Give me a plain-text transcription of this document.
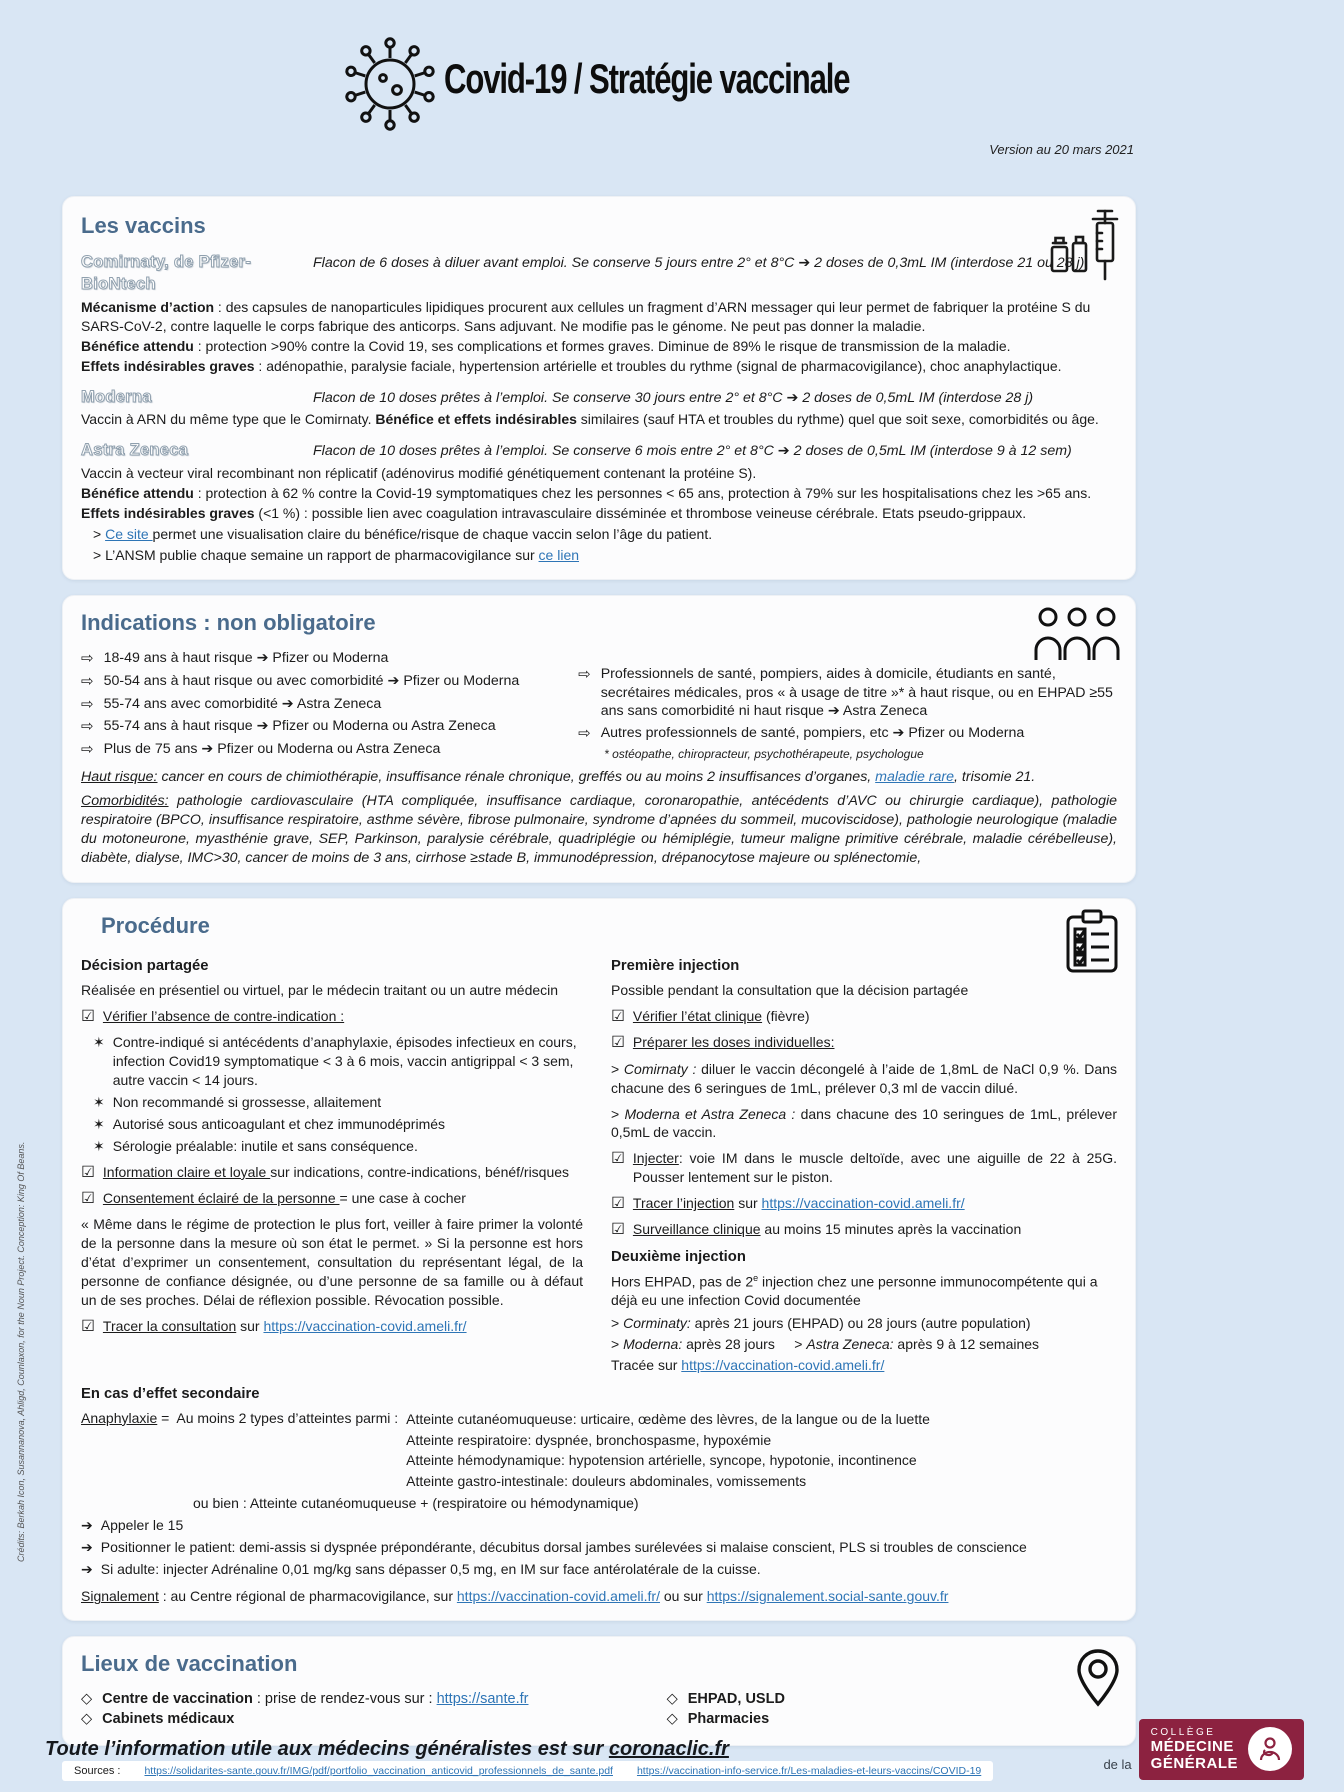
Covid-19 / Stratégie vaccinale
Version au 20 mars 2021
Les vaccins
Comirnaty, de Pfizer-BioNtech
Flacon de 6 doses à diluer avant emploi. Se conserve 5 jours entre 2° et 8°C ➔ 2 doses de 0,3mL IM (interdose 21 ou 28 j)
Mécanisme d’action : des capsules de nanoparticules lipidiques procurent aux cellules un fragment d’ARN messager qui leur permet de fabriquer la protéine S du SARS-CoV-2, contre laquelle le corps fabrique des anticorps. Sans adjuvant. Ne modifie pas le génome. Ne peut pas donner la maladie.
Bénéfice attendu : protection >90% contre la Covid 19, ses complications et formes graves. Diminue de 89% le risque de transmission de la maladie.
Effets indésirables graves : adénopathie, paralysie faciale, hypertension artérielle et troubles du rythme (signal de pharmacovigilance), choc anaphylactique.
Moderna	Flacon de 10 doses prêtes à l’emploi. Se conserve 30 jours entre 2° et 8°C ➔ 2 doses de 0,5mL IM (interdose 28 j)
Vaccin à ARN du même type que le Comirnaty. Bénéfice et effets indésirables similaires (sauf HTA et troubles du rythme) quel que soit sexe, comorbidités ou âge.
Astra Zeneca	Flacon de 10 doses prêtes à l’emploi. Se conserve 6 mois entre 2° et 8°C ➔ 2 doses de 0,5mL IM (interdose 9 à 12 sem)
Vaccin à vecteur viral recombinant non réplicatif (adénovirus modifié génétiquement contenant la protéine S).
Bénéfice attendu : protection à 62 % contre la Covid-19 symptomatiques chez les personnes < 65 ans, protection à 79% sur les hospitalisations chez les >65 ans.
Effets indésirables graves (<1 %) : possible lien avec coagulation intravasculaire disséminée et thrombose veineuse cérébrale. Etats pseudo-grippaux.
> Ce site permet une visualisation claire du bénéfice/risque de chaque vaccin selon l’âge du patient.
> L’ANSM publie chaque semaine un rapport de pharmacovigilance sur ce lien
Indications : non obligatoire
⇨ 18-49 ans à haut risque ➔ Pfizer ou Moderna
⇨ 50-54 ans à haut risque ou avec comorbidité ➔ Pfizer ou Moderna
⇨ 55-74 ans avec comorbidité ➔ Astra Zeneca
⇨ 55-74 ans à haut risque ➔ Pfizer ou Moderna ou Astra Zeneca
⇨ Plus de 75 ans ➔ Pfizer ou Moderna ou Astra Zeneca
⇨ Professionnels de santé, pompiers, aides à domicile, étudiants en santé, secrétaires médicales, pros « à usage de titre »* à haut risque, ou en EHPAD ≥55 ans sans comorbidité ni haut risque ➔ Astra Zeneca
⇨ Autres professionnels de santé, pompiers, etc ➔ Pfizer ou Moderna
* ostéopathe, chiropracteur, psychothérapeute, psychologue
Haut risque: cancer en cours de chimiothérapie, insuffisance rénale chronique, greffés ou au moins 2 insuffisances d’organes, maladie rare, trisomie 21.
Comorbidités: pathologie cardiovasculaire (HTA compliquée, insuffisance cardiaque, coronaropathie, antécédents d’AVC ou chirurgie cardiaque), pathologie respiratoire (BPCO, insuffisance respiratoire, asthme sévère, fibrose pulmonaire, syndrome d’apnées du sommeil, mucoviscidose), pathologie neurologique (maladie du motoneurone, myasthénie grave, SEP, Parkinson, paralysie cérébrale, quadriplégie ou hémiplégie, tumeur maligne primitive cérébrale, maladie cérébelleuse), diabète, dialyse, IMC>30, cancer de moins de 3 ans, cirrhose ≥stade B, immunodépression, drépanocytose majeure ou splénectomie,
Procédure
Décision partagée
Réalisée en présentiel ou virtuel, par le médecin traitant ou un autre médecin
☑ Vérifier l’absence de contre-indication :
✶ Contre-indiqué si antécédents d’anaphylaxie, épisodes infectieux en cours, infection Covid19 symptomatique < 3 à 6 mois, vaccin antigrippal < 3 sem, autre vaccin < 14 jours.
✶ Non recommandé si grossesse, allaitement
✶ Autorisé sous anticoagulant et chez immunodéprimés
✶ Sérologie préalable: inutile et sans conséquence.
☑ Information claire et loyale sur indications, contre-indications, bénéf/risques
☑ Consentement éclairé de la personne = une case à cocher
« Même dans le régime de protection le plus fort, veiller à faire primer la volonté de la personne dans la mesure où son état le permet. » Si la personne est hors d’état d’exprimer un consentement, consultation du représentant légal, de la personne de confiance désignée, ou d’une personne de sa famille ou à défaut un de ses proches. Délai de réflexion possible. Révocation possible.
☑ Tracer la consultation sur https://vaccination-covid.ameli.fr/
Première injection
Possible pendant la consultation que la décision partagée
☑ Vérifier l’état clinique (fièvre)
☑ Préparer les doses individuelles:
> Comirnaty : diluer le vaccin décongelé à l’aide de 1,8mL de NaCl 0,9 %. Dans chacune des 6 seringues de 1mL, prélever 0,3 ml de vaccin dilué.
> Moderna et Astra Zeneca : dans chacune des 10 seringues de 1mL, prélever 0,5mL de vaccin.
☑ Injecter: voie IM dans le muscle deltoïde, avec une aiguille de 22 à 25G. Pousser lentement sur le piston.
☑ Tracer l’injection sur https://vaccination-covid.ameli.fr/
☑ Surveillance clinique au moins 15 minutes après la vaccination
Deuxième injection
Hors EHPAD, pas de 2e injection chez une personne immunocompétente qui a déjà eu une infection Covid documentée
> Corminaty: après 21 jours (EHPAD) ou 28 jours (autre population)
> Moderna: après 28 jours     > Astra Zeneca: après 9 à 12 semaines
Tracée sur https://vaccination-covid.ameli.fr/
En cas d’effet secondaire
Anaphylaxie =  Au moins 2 types d’atteintes parmi : Atteinte cutanéomuqueuse: urticaire, œdème des lèvres, de la langue ou de la luette
Atteinte respiratoire: dyspnée, bronchospasme, hypoxémie
Atteinte hémodynamique: hypotension artérielle, syncope, hypotonie, incontinence
Atteinte gastro-intestinale: douleurs abdominales, vomissements
ou bien : Atteinte cutanéomuqueuse + (respiratoire ou hémodynamique)
➔ Appeler le 15
➔ Positionner le patient: demi-assis si dyspnée prépondérante, décubitus dorsal jambes surélevées si malaise conscient, PLS si troubles de conscience
➔ Si adulte: injecter Adrénaline 0,01 mg/kg sans dépasser 0,5 mg, en IM sur face antérolatérale de la cuisse.
Signalement : au Centre régional de pharmacovigilance, sur https://vaccination-covid.ameli.fr/ ou sur https://signalement.social-sante.gouv.fr
Lieux de vaccination
◇ Centre de vaccination : prise de rendez-vous sur : https://sante.fr
◇ Cabinets médicaux
◇ EHPAD, USLD
◇ Pharmacies
Sources : https://solidarites-sante.gouv.fr/IMG/pdf/portfolio_vaccination_anticovid_professionnels_de_sante.pdf https://vaccination-info-service.fr/Les-maladies-et-leurs-vaccins/COVID-19
Crédits: Berkah Icon, Susannanova, Ahligd, Counlaxon, for the Noun Project. Conception: King Of Beans.
Toute l’information utile aux médecins généralistes est sur coronaclic.fr
de la
COLLÈGE
MÉDECINE
GÉNÉRALE
